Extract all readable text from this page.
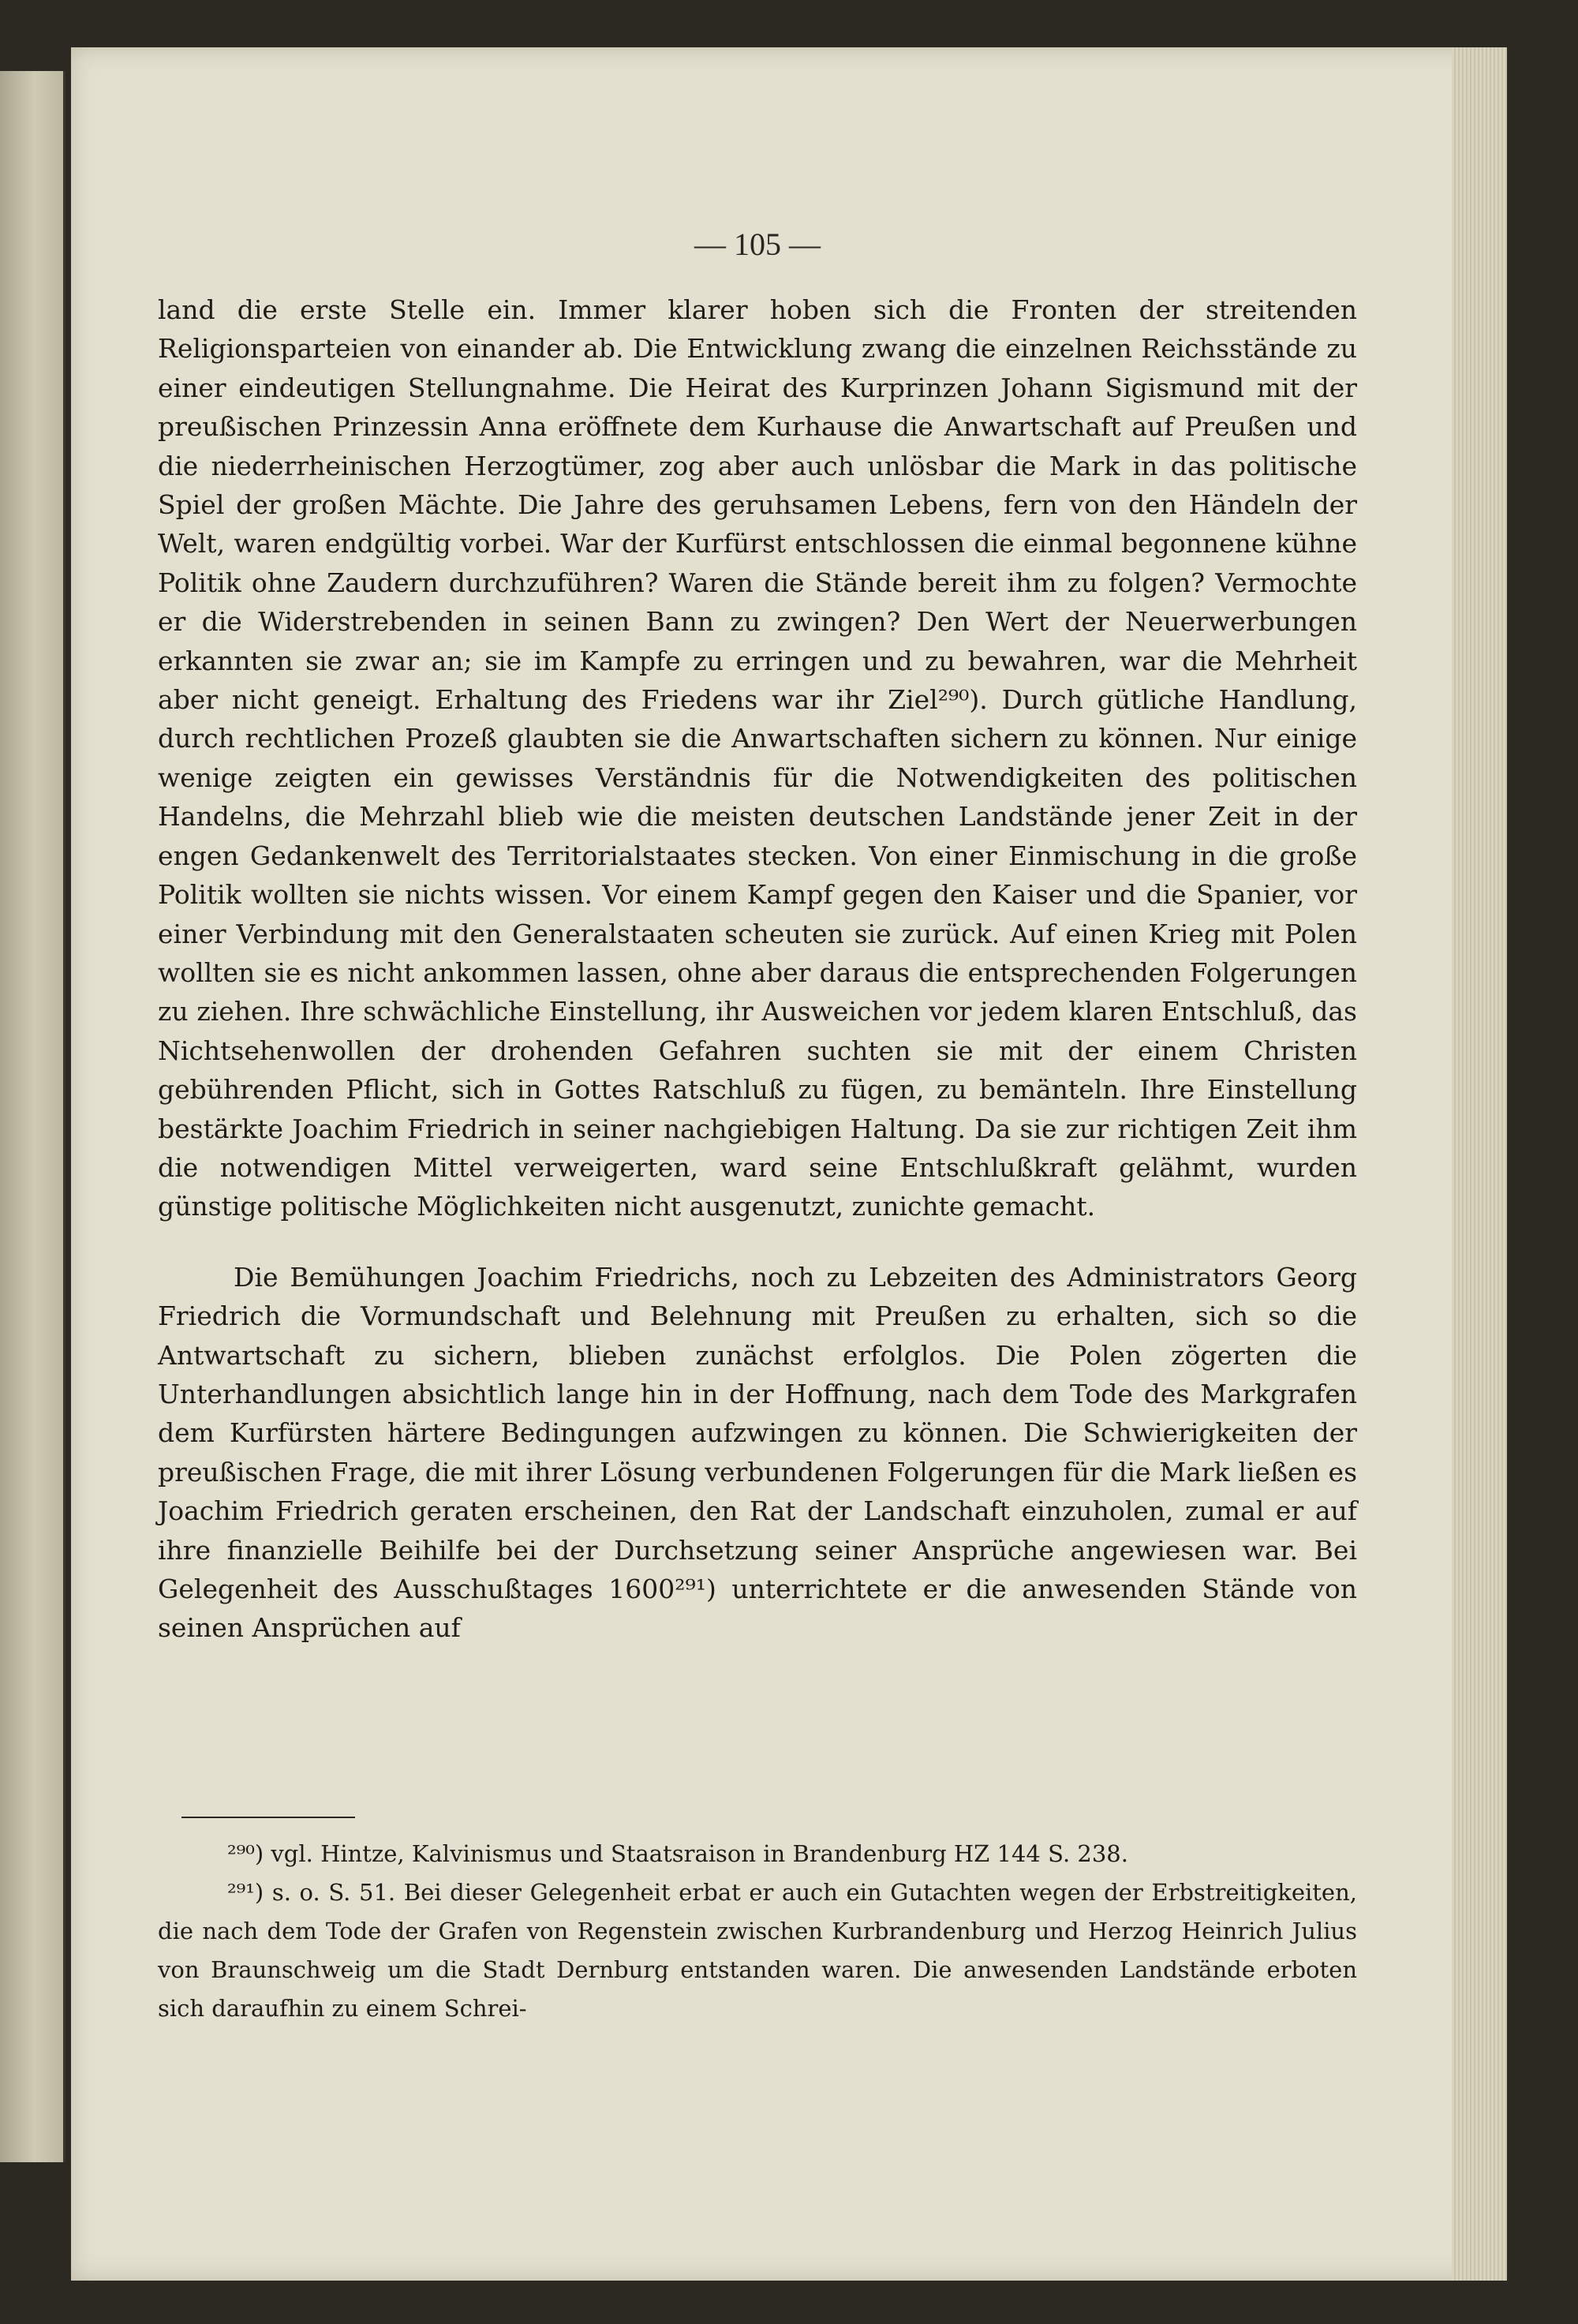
— 105 —

land die erste Stelle ein. Immer klarer hoben sich die Fronten der streitenden Religionsparteien von einander ab. Die Entwicklung zwang die einzelnen Reichsstände zu einer eindeutigen Stellungnahme. Die Heirat des Kurprinzen Johann Sigismund mit der preußischen Prinzessin Anna eröffnete dem Kurhause die Anwartschaft auf Preußen und die niederrheinischen Herzogtümer, zog aber auch unlösbar die Mark in das politische Spiel der großen Mächte. Die Jahre des geruhsamen Lebens, fern von den Händeln der Welt, waren endgültig vorbei. War der Kurfürst entschlossen die einmal begonnene kühne Politik ohne Zaudern durchzuführen? Waren die Stände bereit ihm zu folgen? Vermochte er die Widerstrebenden in seinen Bann zu zwingen? Den Wert der Neuerwerbungen erkannten sie zwar an; sie im Kampfe zu erringen und zu bewahren, war die Mehrheit aber nicht geneigt. Erhaltung des Friedens war ihr Ziel²⁹⁰). Durch gütliche Handlung, durch rechtlichen Prozeß glaubten sie die Anwartschaften sichern zu können. Nur einige wenige zeigten ein gewisses Verständnis für die Notwendigkeiten des politischen Handelns, die Mehrzahl blieb wie die meisten deutschen Landstände jener Zeit in der engen Gedankenwelt des Territorialstaates stecken. Von einer Einmischung in die große Politik wollten sie nichts wissen. Vor einem Kampf gegen den Kaiser und die Spanier, vor einer Verbindung mit den Generalstaaten scheuten sie zurück. Auf einen Krieg mit Polen wollten sie es nicht ankommen lassen, ohne aber daraus die entsprechenden Folgerungen zu ziehen. Ihre schwächliche Einstellung, ihr Ausweichen vor jedem klaren Entschluß, das Nichtsehenwollen der drohenden Gefahren suchten sie mit der einem Christen gebührenden Pflicht, sich in Gottes Ratschluß zu fügen, zu bemänteln. Ihre Einstellung bestärkte Joachim Friedrich in seiner nachgiebigen Haltung. Da sie zur richtigen Zeit ihm die notwendigen Mittel verweigerten, ward seine Entschlußkraft gelähmt, wurden günstige politische Möglichkeiten nicht ausgenutzt, zunichte gemacht.

Die Bemühungen Joachim Friedrichs, noch zu Lebzeiten des Administrators Georg Friedrich die Vormundschaft und Belehnung mit Preußen zu erhalten, sich so die Antwartschaft zu sichern, blieben zunächst erfolglos. Die Polen zögerten die Unterhandlungen absichtlich lange hin in der Hoffnung, nach dem Tode des Markgrafen dem Kurfürsten härtere Bedingungen aufzwingen zu können. Die Schwierigkeiten der preußischen Frage, die mit ihrer Lösung verbundenen Folgerungen für die Mark ließen es Joachim Friedrich geraten erscheinen, den Rat der Landschaft einzuholen, zumal er auf ihre finanzielle Beihilfe bei der Durchsetzung seiner Ansprüche angewiesen war. Bei Gelegenheit des Ausschußtages 1600²⁹¹) unterrichtete er die anwesenden Stände von seinen Ansprüchen auf

²⁹⁰) vgl. Hintze, Kalvinismus und Staatsraison in Brandenburg HZ 144 S. 238.

²⁹¹) s. o. S. 51. Bei dieser Gelegenheit erbat er auch ein Gutachten wegen der Erbstreitigkeiten, die nach dem Tode der Grafen von Regenstein zwischen Kurbrandenburg und Herzog Heinrich Julius von Braunschweig um die Stadt Dernburg entstanden waren. Die anwesenden Landstände erboten sich daraufhin zu einem Schrei-
